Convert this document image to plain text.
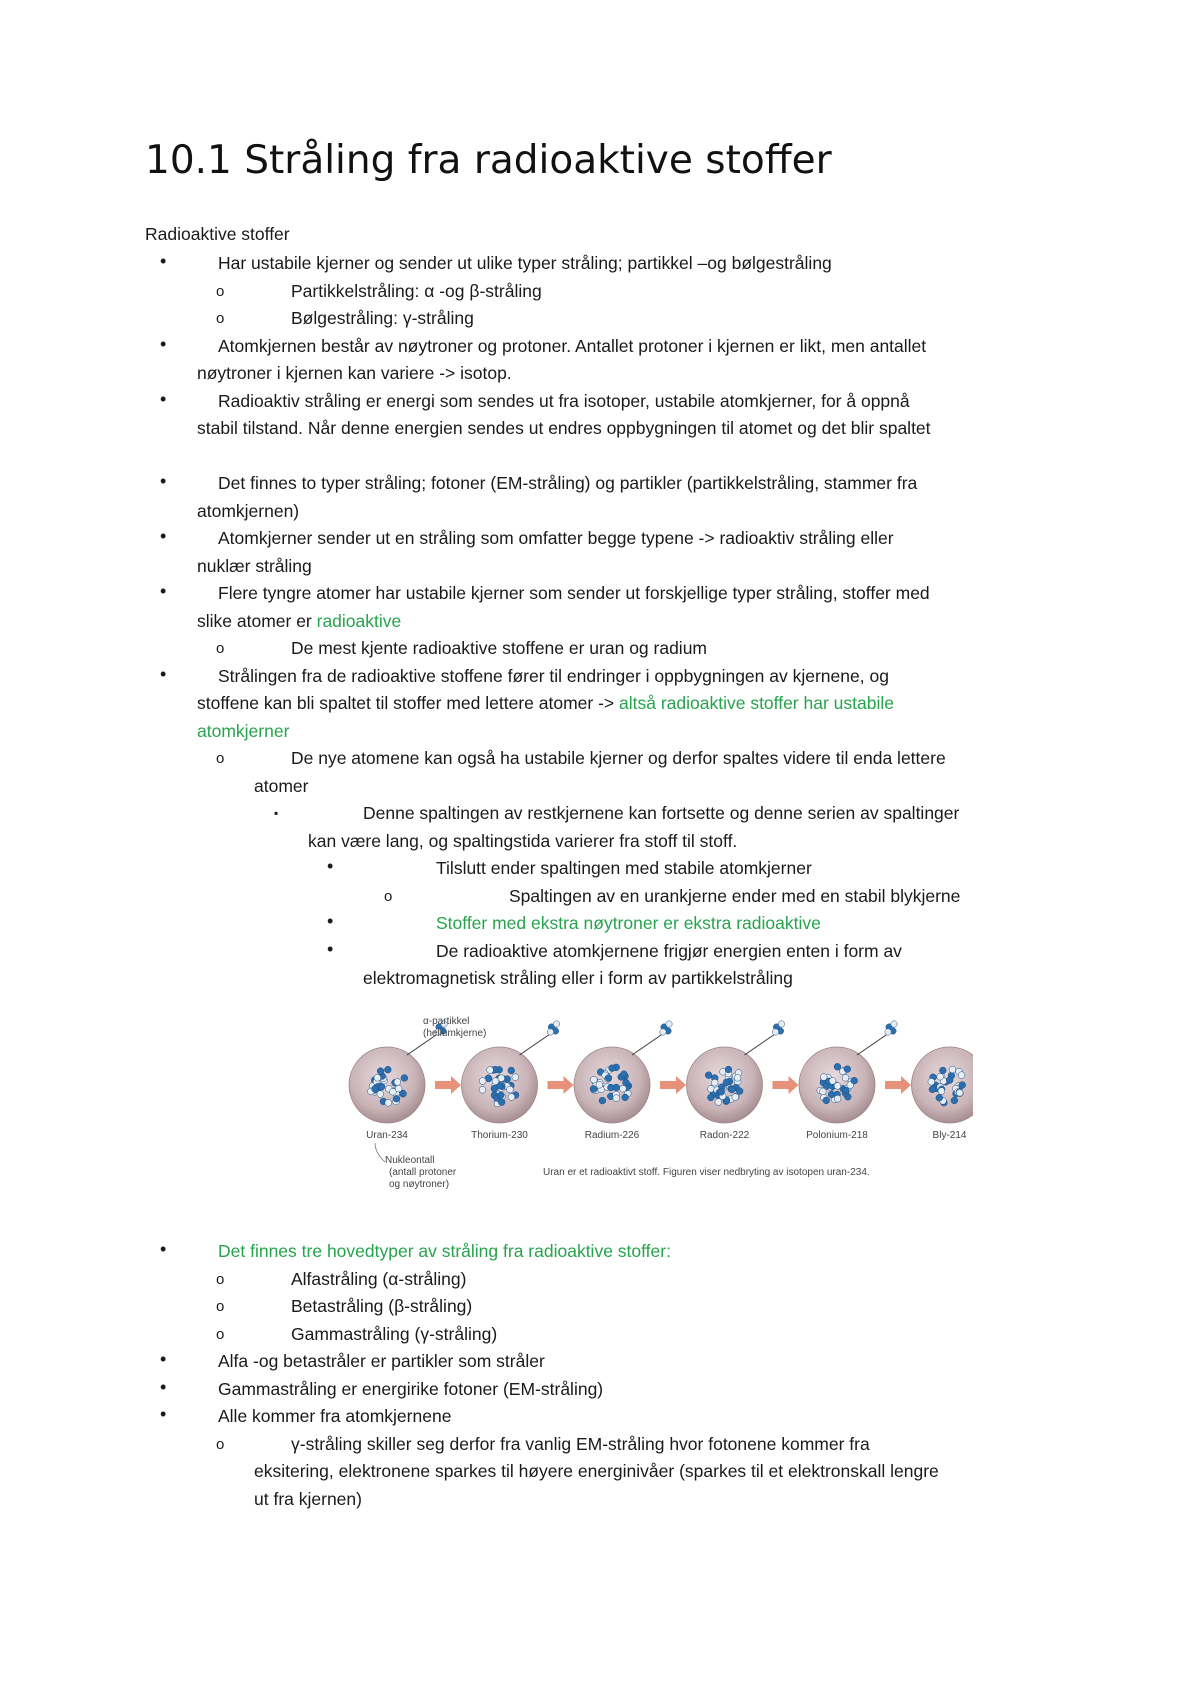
10.1 Stråling fra radioaktive stoffer
Radioaktive stoffer
•	Har ustabile kjerner og sender ut ulike typer stråling; partikkel –og bølgestråling
o	Partikkelstråling: α -og β-stråling
o	Bølgestråling: γ-stråling
•	Atomkjernen består av nøytroner og protoner. Antallet protoner i kjernen er likt, men antallet
nøytroner i kjernen kan variere -> isotop.
•	Radioaktiv stråling er energi som sendes ut fra isotoper, ustabile atomkjerner, for å oppnå
stabil tilstand. Når denne energien sendes ut endres oppbygningen til atomet og det blir spaltet
•	Det finnes to typer stråling; fotoner (EM-stråling) og partikler (partikkelstråling, stammer fra
atomkjernen)
•	Atomkjerner sender ut en stråling som omfatter begge typene -> radioaktiv stråling eller
nuklær stråling
•	Flere tyngre atomer har ustabile kjerner som sender ut forskjellige typer stråling, stoffer med
slike atomer er radioaktive
o	De mest kjente radioaktive stoffene er uran og radium
•	Strålingen fra de radioaktive stoffene fører til endringer i oppbygningen av kjernene, og
stoffene kan bli spaltet til stoffer med lettere atomer -> altså radioaktive stoffer har ustabile
atomkjerner
o	De nye atomene kan også ha ustabile kjerner og derfor spaltes videre til enda lettere
atomer
▪	Denne spaltingen av restkjernene kan fortsette og denne serien av spaltinger
kan være lang, og spaltingstida varierer fra stoff til stoff.
•	Tilslutt ender spaltingen med stabile atomkjerner
o	Spaltingen av en urankjerne ender med en stabil blykjerne
•	Stoffer med ekstra nøytroner er ekstra radioaktive
•	De radioaktive atomkjernene frigjør energien enten i form av
elektromagnetisk stråling eller i form av partikkelstråling
Uran-234	Thorium-230	Radium-226	Radon-222	Polonium-218	Bly-214
α-partikkel
(heliumkjerne)
Nukleontall
(antall protoner
og nøytroner)
Uran er et radioaktivt stoff. Figuren viser nedbryting av isotopen uran-234.
•	Det finnes tre hovedtyper av stråling fra radioaktive stoffer:
o	Alfastråling (α-stråling)
o	Betastråling (β-stråling)
o	Gammastråling (γ-stråling)
•	Alfa -og betastråler er partikler som stråler
•	Gammastråling er energirike fotoner (EM-stråling)
•	Alle kommer fra atomkjernene
o	γ-stråling skiller seg derfor fra vanlig EM-stråling hvor fotonene kommer fra
eksitering, elektronene sparkes til høyere energinivåer (sparkes til et elektronskall lengre
ut fra kjernen)
